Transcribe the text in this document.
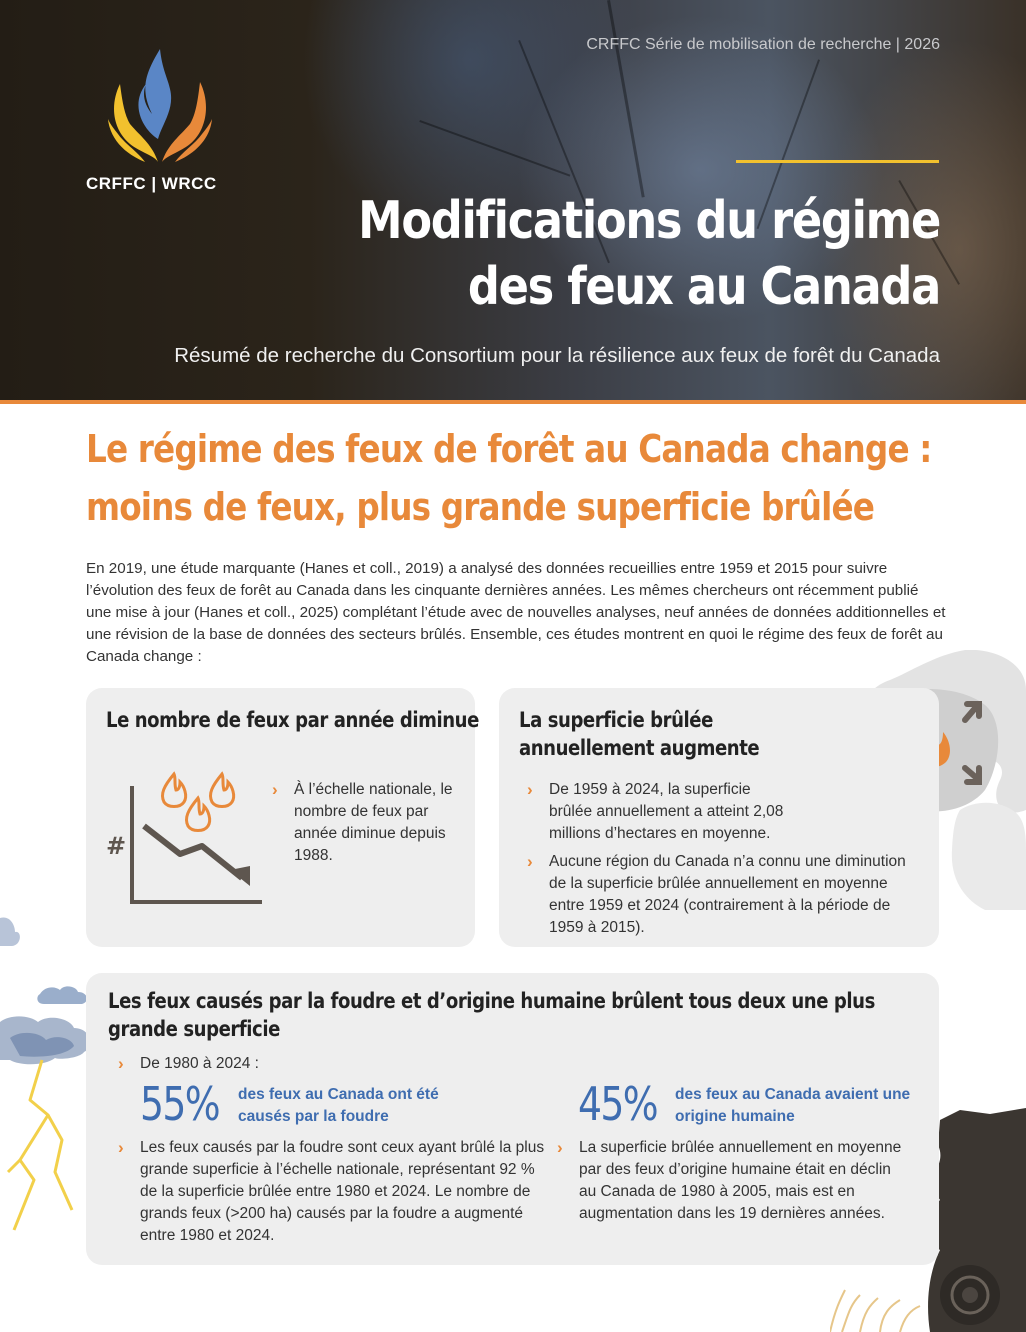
CRFFC | WRCC
CRFFC Série de mobilisation de recherche | 2026
Modifications du régime
des feux au Canada
Résumé de recherche du Consortium pour la résilience aux feux de forêt du Canada
Le régime des feux de forêt au Canada change :
moins de feux, plus grande superficie brûlée

En 2019, une étude marquante (Hanes et coll., 2019) a analysé des données recueillies entre 1959 et 2015 pour suivre l’évolution des feux de forêt au Canada dans les cinquante dernières années. Les mêmes chercheurs ont récemment publié une mise à jour (Hanes et coll., 2025) complétant l’étude avec de nouvelles analyses, neuf années de données additionnelles et une révision de la base de données des secteurs brûlés. Ensemble, ces études montrent en quoi le régime des feux de forêt au Canada change :

Le nombre de feux par année diminue
#
› À l’échelle nationale, le nombre de feux par année diminue depuis 1988.
La superficie brûlée
annuellement augmente
› De 1959 à 2024, la superficie brûlée annuellement a atteint 2,08 millions d’hectares en moyenne.
› Aucune région du Canada n’a connu une diminution de la superficie brûlée annuellement en moyenne entre 1959 et 2024 (contrairement à la période de 1959 à 2015).
Les feux causés par la foudre et d’origine humaine brûlent tous deux une plus grande superficie
› De 1980 à 2024 :
55% des feux au Canada ont été causés par la foudre
› Les feux causés par la foudre sont ceux ayant brûlé la plus grande superficie à l’échelle nationale, représentant 92 % de la superficie brûlée entre 1980 et 2024. Le nombre de grands feux (>200 ha) causés par la foudre a augmenté entre 1980 et 2024.
45% des feux au Canada avaient une origine humaine
› La superficie brûlée annuellement en moyenne par des feux d’origine humaine était en déclin au Canada de 1980 à 2005, mais est en augmentation dans les 19 dernières années.
